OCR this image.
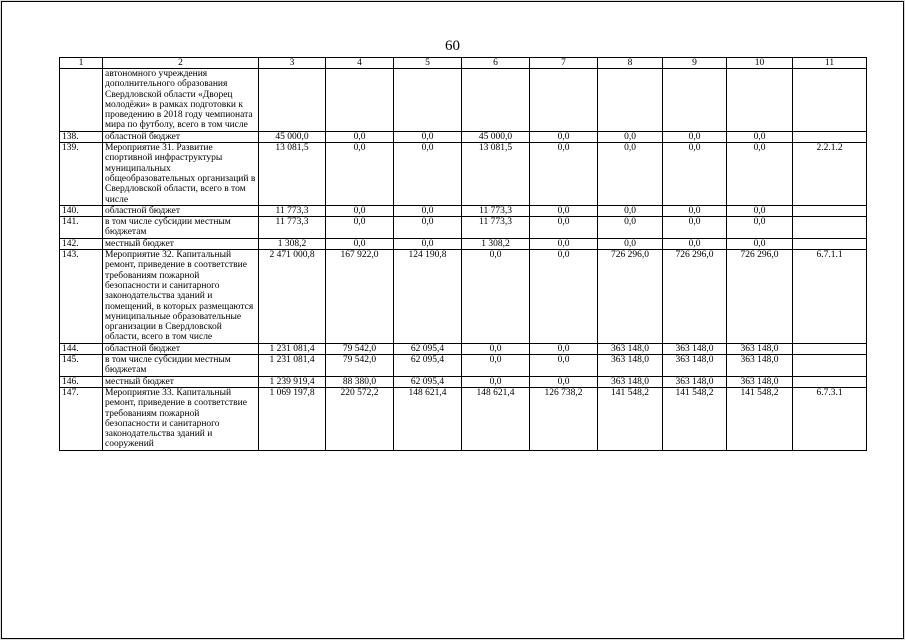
60
1	2	3	4	5	6	7	8	9	10	11
	автономного учреждения дополнительного образования Свердловской области «Дворец молодёжи» в рамках подготовки к проведению в 2018 году чемпионата мира по футболу, всего в том числе									
138.	областной бюджет	45 000,0	0,0	0,0	45 000,0	0,0	0,0	0,0	0,0	
139.	Мероприятие 31. Развитие спортивной инфраструктуры муниципальных общеобразовательных организаций в Свердловской области, всего в том числе	13 081,5	0,0	0,0	13 081,5	0,0	0,0	0,0	0,0	2.2.1.2
140.	областной бюджет	11 773,3	0,0	0,0	11 773,3	0,0	0,0	0,0	0,0	
141.	в том числе субсидии местным бюджетам	11 773,3	0,0	0,0	11 773,3	0,0	0,0	0,0	0,0	
142.	местный бюджет	1 308,2	0,0	0,0	1 308,2	0,0	0,0	0,0	0,0	
143.	Мероприятие 32. Капитальный ремонт, приведение в соответствие требованиям пожарной безопасности и санитарного законодательства зданий и помещений, в которых размещаются муниципальные образовательные организации в Свердловской области, всего в том числе	2 471 000,8	167 922,0	124 190,8	0,0	0,0	726 296,0	726 296,0	726 296,0	6.7.1.1
144.	областной бюджет	1 231 081,4	79 542,0	62 095,4	0,0	0,0	363 148,0	363 148,0	363 148,0	
145.	в том числе субсидии местным бюджетам	1 231 081,4	79 542,0	62 095,4	0,0	0,0	363 148,0	363 148,0	363 148,0	
146.	местный бюджет	1 239 919,4	88 380,0	62 095,4	0,0	0,0	363 148,0	363 148,0	363 148,0	
147.	Мероприятие 33. Капитальный ремонт, приведение в соответствие требованиям пожарной безопасности и санитарного законодательства зданий и сооружений	1 069 197,8	220 572,2	148 621,4	148 621,4	126 738,2	141 548,2	141 548,2	141 548,2	6.7.3.1
